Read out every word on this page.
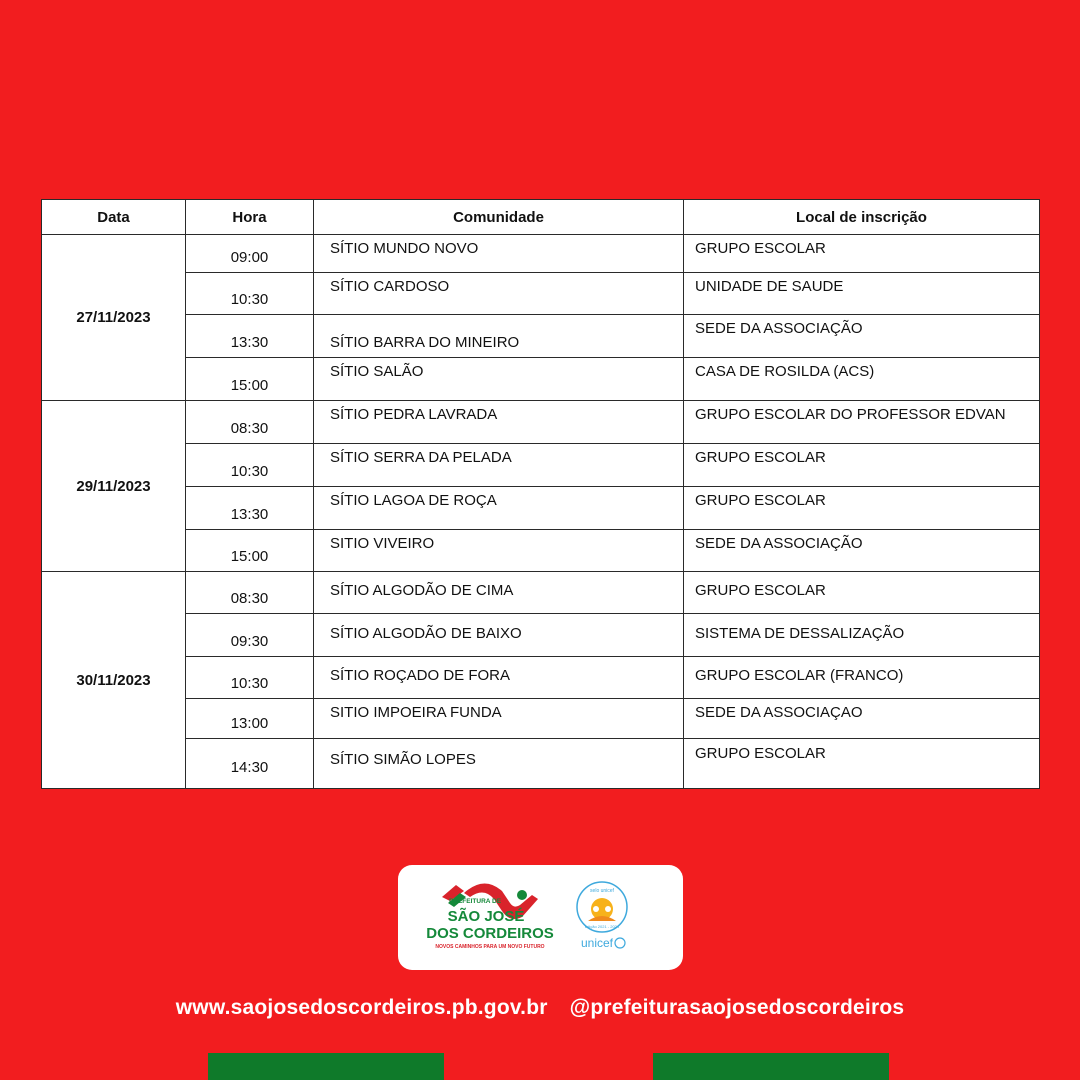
Data	Hora	Comunidade	Local de inscrição
27/11/2023	09:00	SÍTIO MUNDO NOVO	GRUPO ESCOLAR
	10:30	SÍTIO CARDOSO	UNIDADE DE SAUDE
	13:30	SÍTIO BARRA DO MINEIRO	SEDE DA ASSOCIAÇÃO
	15:00	SÍTIO SALÃO	CASA DE ROSILDA (ACS)
29/11/2023	08:30	SÍTIO PEDRA LAVRADA	GRUPO ESCOLAR DO PROFESSOR EDVAN
	10:30	SÍTIO SERRA DA PELADA	GRUPO ESCOLAR
	13:30	SÍTIO LAGOA DE ROÇA	GRUPO ESCOLAR
	15:00	SITIO VIVEIRO	SEDE DA ASSOCIAÇÃO
30/11/2023	08:30	SÍTIO ALGODÃO DE CIMA	GRUPO ESCOLAR
	09:30	SÍTIO ALGODÃO DE BAIXO	SISTEMA DE DESSALIZAÇÃO
	10:30	SÍTIO ROÇADO DE FORA	GRUPO ESCOLAR (FRANCO)
	13:00	SITIO IMPOEIRA FUNDA	SEDE DA ASSOCIAÇAO
	14:30	SÍTIO SIMÃO LOPES	GRUPO ESCOLAR
PREFEITURA DE
SÃO JOSÉ
DOS CORDEIROS
NOVOS CAMINHOS PARA UM NOVO FUTURO
selo unicef
edição 2021 - 2024
unicef
www.saojosedoscordeiros.pb.gov.br @prefeiturasaojosedoscordeiros
